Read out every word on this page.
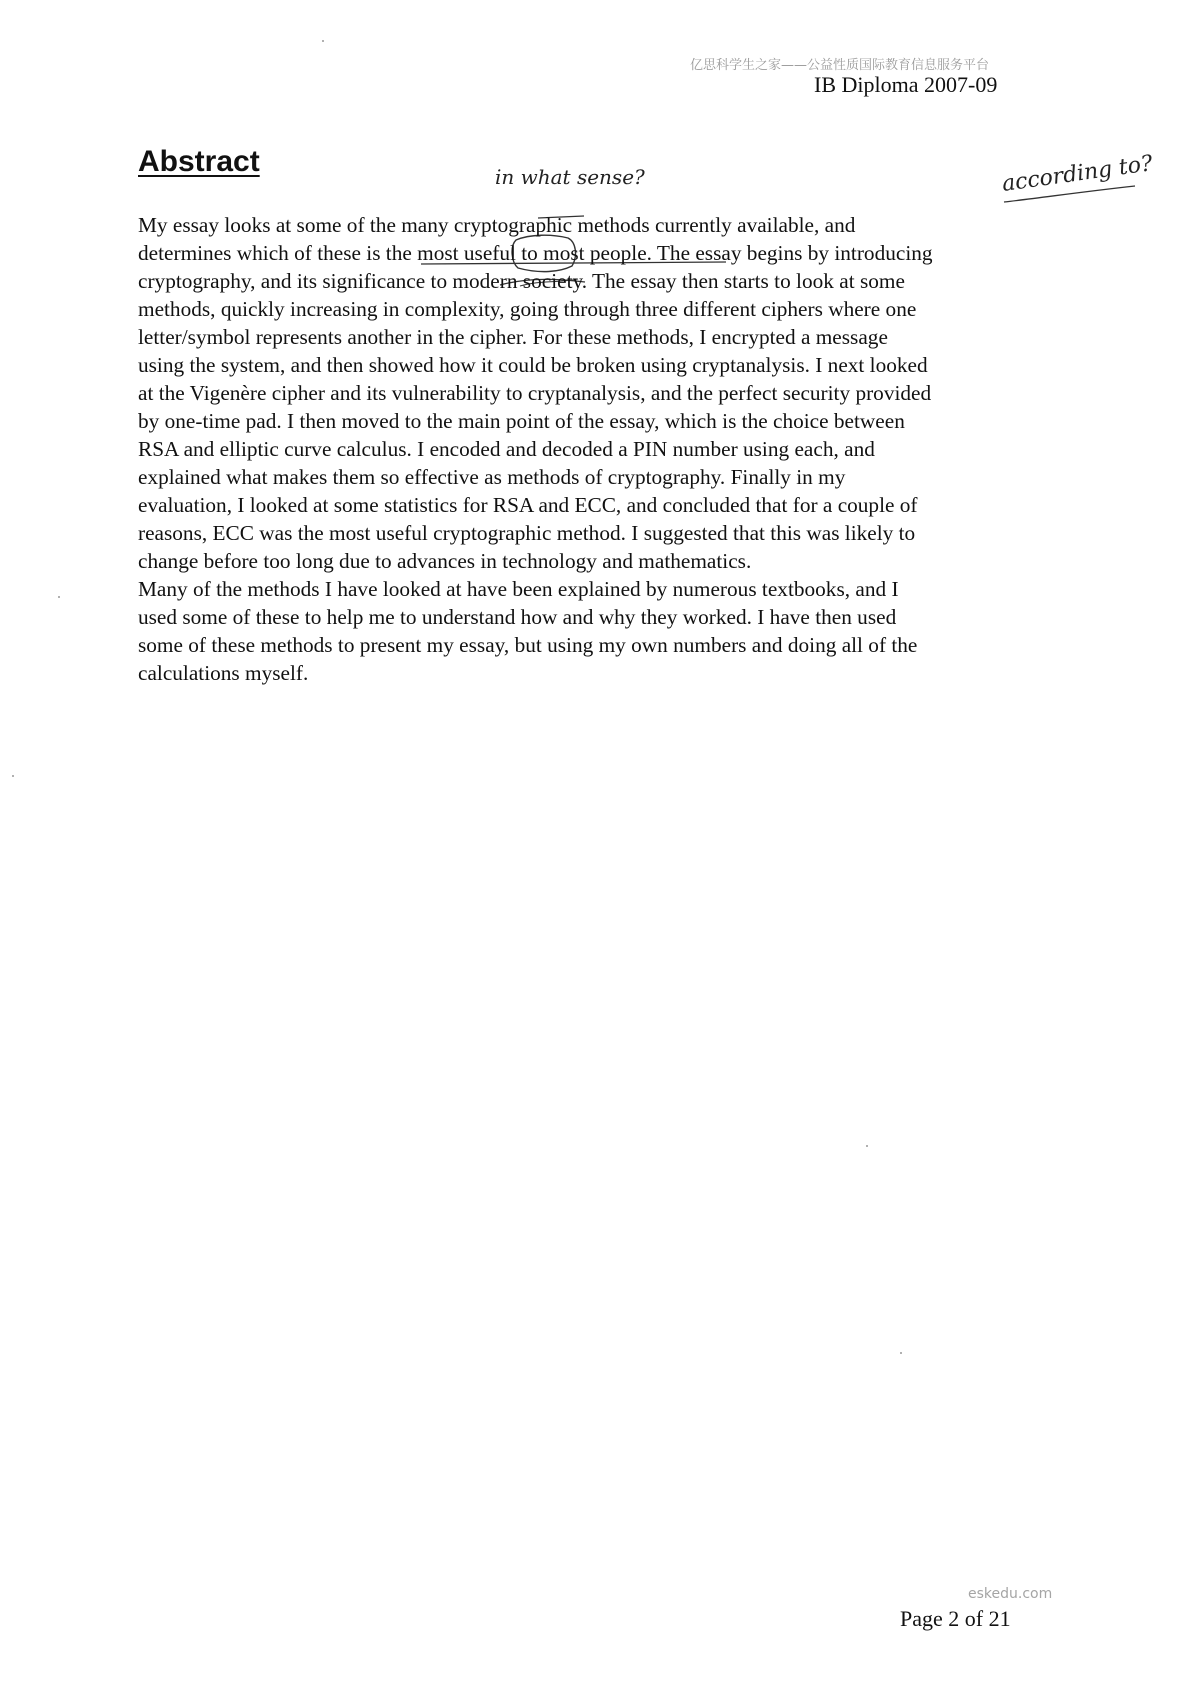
亿思科学生之家——公益性质国际教育信息服务平台
IB Diploma 2007-09
Abstract	in what sense?	according to?

My essay looks at some of the many cryptographic methods currently available, and

determines which of these is the most useful to most people. The essay begins by introducing

cryptography, and its significance to modern society. The essay then starts to look at some

methods, quickly increasing in complexity, going through three different ciphers where one

letter/symbol represents another in the cipher. For these methods, I encrypted a message

using the system, and then showed how it could be broken using cryptanalysis. I next looked

at the Vigenère cipher and its vulnerability to cryptanalysis, and the perfect security provided

by one-time pad. I then moved to the main point of the essay, which is the choice between

RSA and elliptic curve calculus. I encoded and decoded a PIN number using each, and

explained what makes them so effective as methods of cryptography. Finally in my

evaluation, I looked at some statistics for RSA and ECC, and concluded that for a couple of

reasons, ECC was the most useful cryptographic method. I suggested that this was likely to

change before too long due to advances in technology and mathematics.

Many of the methods I have looked at have been explained by numerous textbooks, and I

used some of these to help me to understand how and why they worked. I have then used

some of these methods to present my essay, but using my own numbers and doing all of the

calculations myself.

eskedu.com
Page 2 of 21
